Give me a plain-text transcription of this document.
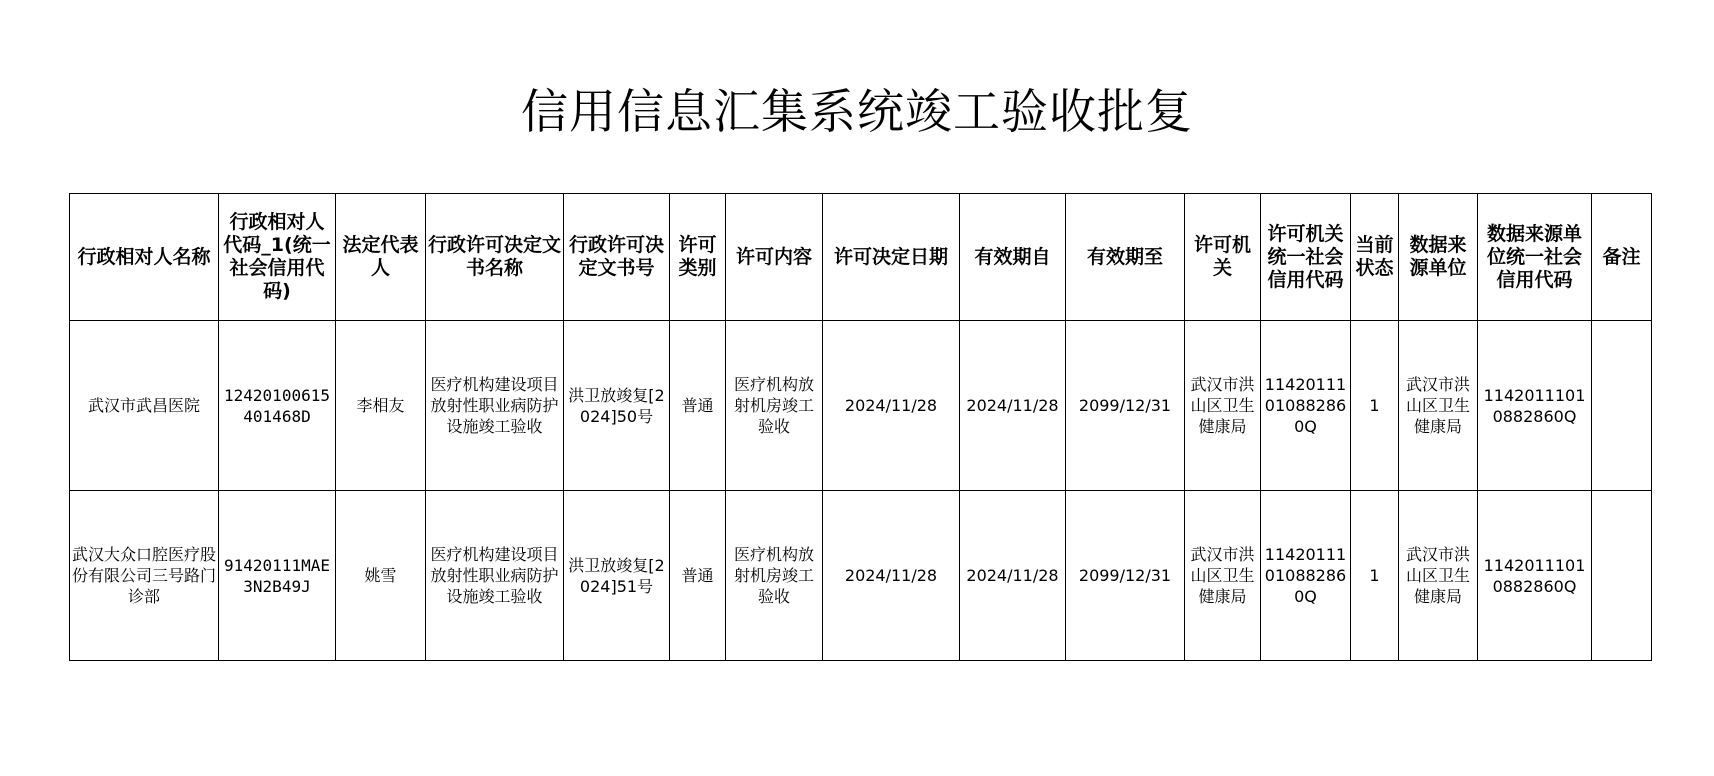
信用信息汇集系统竣工验收批复
行政相对人名称	行政相对人代码_1(统一社会信用代码)	法定代表人	行政许可决定文书名称	行政许可决定文书号	许可类别	许可内容	许可决定日期	有效期自	有效期至	许可机关	许可机关统一社会信用代码	当前状态	数据来源单位	数据来源单位统一社会信用代码	备注
武汉市武昌医院	12420100615401468D	李相友	医疗机构建设项目放射性职业病防护设施竣工验收	洪卫放竣复[2024]50号	普通	医疗机构放射机房竣工验收	2024/11/28	2024/11/28	2099/12/31	武汉市洪山区卫生健康局	11420111010882860Q	1	武汉市洪山区卫生健康局	11420111010882860Q	
武汉大众口腔医疗股份有限公司三号路门诊部	91420111MAE3N2B49J	姚雪	医疗机构建设项目放射性职业病防护设施竣工验收	洪卫放竣复[2024]51号	普通	医疗机构放射机房竣工验收	2024/11/28	2024/11/28	2099/12/31	武汉市洪山区卫生健康局	11420111010882860Q	1	武汉市洪山区卫生健康局	11420111010882860Q	
